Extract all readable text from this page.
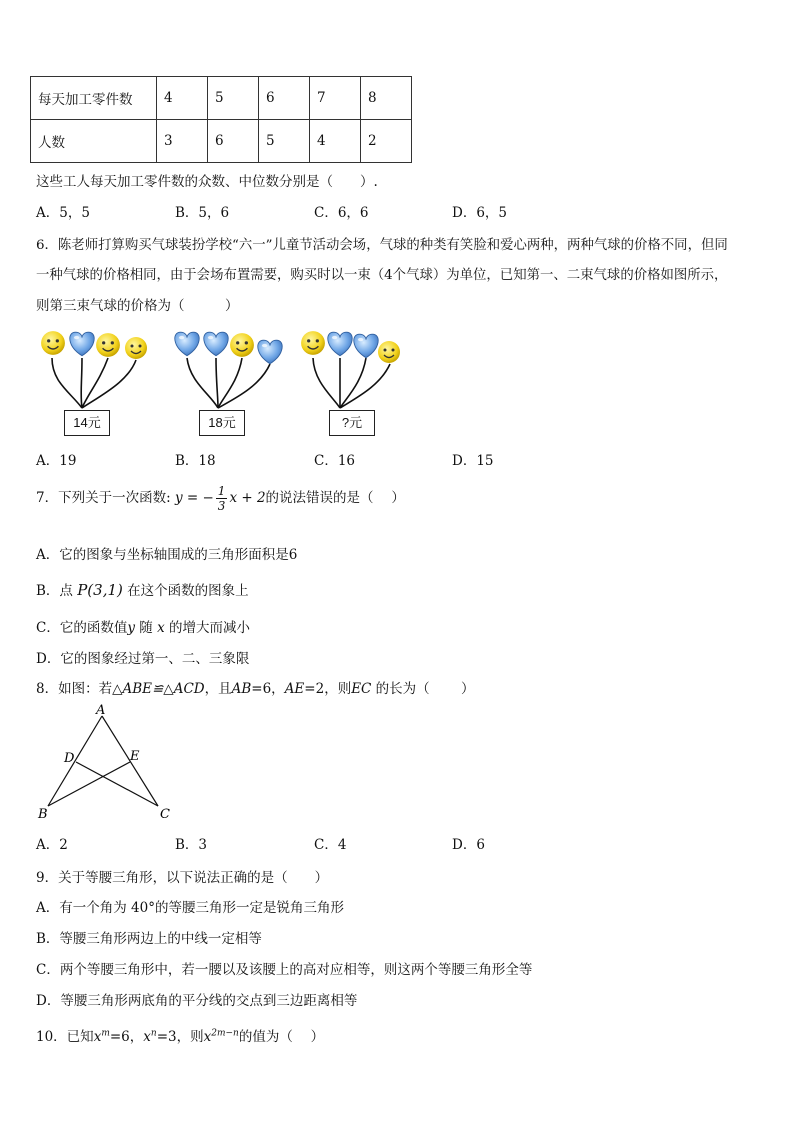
每天加工零件数	4	5	6	7	8
人数	3	6	5	4	2
这些工人每天加工零件数的众数、中位数分别是（　　）.
A．5，5	B．5，6	C．6，6	D．6，5
6．陈老师打算购买气球装扮学校“六一”儿童节活动会场，气球的种类有笑脸和爱心两种，两种气球的价格不同，但同
一种气球的价格相同，由于会场布置需要，购买时以一束（4个气球）为单位，已知第一、二束气球的价格如图所示，
则第三束气球的价格为（　　　）
14元	18元	?元
A．19	B．18	C．16	D．15
7．下列关于一次函数: y = − $\frac{1}{3}$ x + 2的说法错误的是（　 ）
A．它的图象与坐标轴围成的三角形面积是6
B．点 P(3,1) 在这个函数的图象上
C．它的函数值y 随 x 的增大而减小
D．它的图象经过第一、二、三象限
8．如图：若△ABE≌△ACD，且AB=6，AE=2，则EC 的长为（　　 ）
A
B	C
D	E
A．2	B．3	C．4	D．6
9．关于等腰三角形，以下说法正确的是（　　）
A．有一个角为 40°的等腰三角形一定是锐角三角形
B．等腰三角形两边上的中线一定相等
C．两个等腰三角形中，若一腰以及该腰上的高对应相等，则这两个等腰三角形全等
D．等腰三角形两底角的平分线的交点到三边距离相等
10．已知$x^m=6$，$x^n=3$，则$x^{2m-n}$的值为（　 ）
